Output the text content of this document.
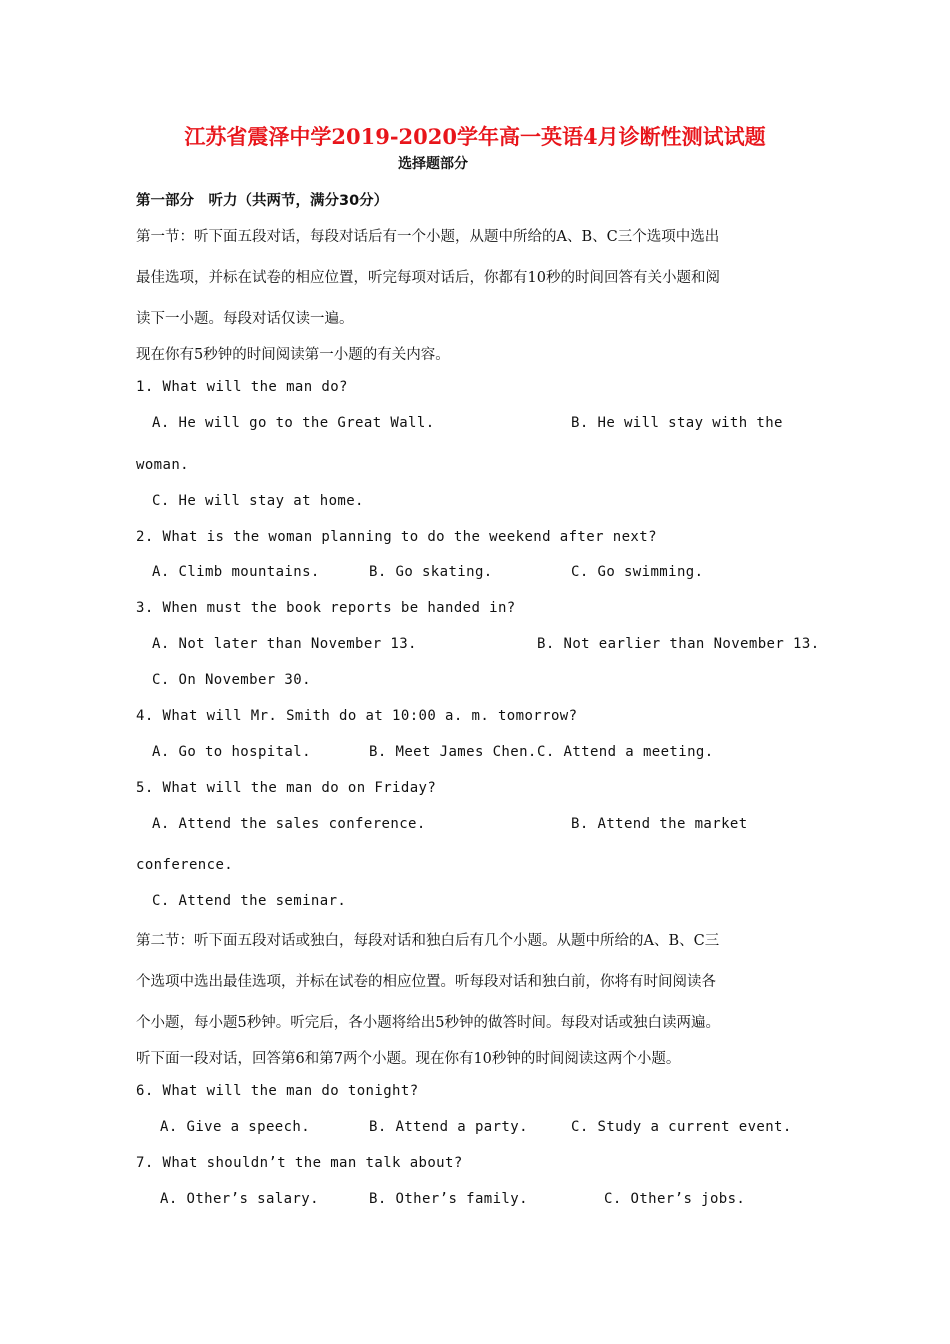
江苏省震泽中学2019-2020学年高一英语4月诊断性测试试题
选择题部分
第一部分　听力（共两节，满分30分）
第一节：听下面五段对话，每段对话后有一个小题，从题中所给的A、B、C三个选项中选出
最佳选项，并标在试卷的相应位置，听完每项对话后，你都有10秒的时间回答有关小题和阅
读下一小题。每段对话仅读一遍。
现在你有5秒钟的时间阅读第一小题的有关内容。
1. What will the man do?
A. He will go to the Great Wall.	B. He will stay with the
woman.
C. He will stay at home.
2. What is the woman planning to do the weekend after next?
A. Climb mountains.	B. Go skating.	C. Go swimming.
3. When must the book reports be handed in?
A. Not later than November 13.	B. Not earlier than November 13.
C. On November 30.
4. What will Mr. Smith do at 10:00 a. m. tomorrow?
A. Go to hospital.	B. Meet James Chen. C. Attend a meeting.
5. What will the man do on Friday?
A. Attend the sales conference.	B. Attend the market
conference.
C. Attend the seminar.
第二节：听下面五段对话或独白，每段对话和独白后有几个小题。从题中所给的A、B、C三
个选项中选出最佳选项，并标在试卷的相应位置。听每段对话和独白前，你将有时间阅读各
个小题，每小题5秒钟。听完后，各小题将给出5秒钟的做答时间。每段对话或独白读两遍。
听下面一段对话，回答第6和第7两个小题。现在你有10秒钟的时间阅读这两个小题。
6. What will the man do tonight?
A. Give a speech.	B. Attend a party.	C. Study a current event.
7. What shouldn’t the man talk about?
A. Other’s salary.	B. Other’s family.	C. Other’s jobs.
